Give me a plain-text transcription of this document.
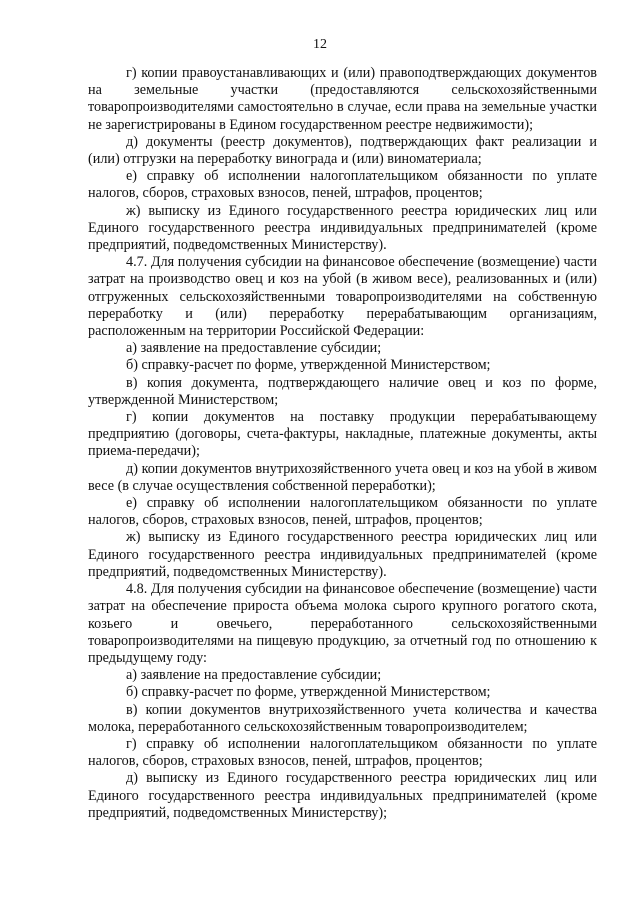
12

г) копии правоустанавливающих и (или) правоподтверждающих документов на земельные участки (предоставляются сельскохозяйственными товаропроизводителями самостоятельно в случае, если права на земельные участки не зарегистрированы в Едином государственном реестре недвижимости);

д) документы (реестр документов), подтверждающих факт реализации и (или) отгрузки на переработку винограда и (или) виноматериала;

е) справку об исполнении налогоплательщиком обязанности по уплате налогов, сборов, страховых взносов, пеней, штрафов, процентов;

ж) выписку из Единого государственного реестра юридических лиц или Единого государственного реестра индивидуальных предпринимателей (кроме предприятий, подведомственных Министерству).

4.7. Для получения субсидии на финансовое обеспечение (возмещение) части затрат на производство овец и коз на убой (в живом весе), реализованных и (или) отгруженных сельскохозяйственными товаропроизводителями на собственную переработку и (или) переработку перерабатывающим организациям, расположенным на территории Российской Федерации:

а) заявление на предоставление субсидии;

б) справку-расчет по форме, утвержденной Министерством;

в) копия документа, подтверждающего наличие овец и коз по форме, утвержденной Министерством;

г) копии документов на поставку продукции перерабатывающему предприятию (договоры, счета-фактуры, накладные, платежные документы, акты приема-передачи);

д) копии документов внутрихозяйственного учета овец и коз на убой в живом весе (в случае осуществления собственной переработки);

е) справку об исполнении налогоплательщиком обязанности по уплате налогов, сборов, страховых взносов, пеней, штрафов, процентов;

ж) выписку из Единого государственного реестра юридических лиц или Единого государственного реестра индивидуальных предпринимателей (кроме предприятий, подведомственных Министерству).

4.8. Для получения субсидии на финансовое обеспечение (возмещение) части затрат на обеспечение прироста объема молока сырого крупного рогатого скота, козьего и овечьего, переработанного сельскохозяйственными товаропроизводителями на пищевую продукцию, за отчетный год по отношению к предыдущему году:

а) заявление на предоставление субсидии;

б) справку-расчет по форме, утвержденной Министерством;

в) копии документов внутрихозяйственного учета количества и качества молока, переработанного сельскохозяйственным товаропроизводителем;

г) справку об исполнении налогоплательщиком обязанности по уплате налогов, сборов, страховых взносов, пеней, штрафов, процентов;

д) выписку из Единого государственного реестра юридических лиц или Единого государственного реестра индивидуальных предпринимателей (кроме предприятий, подведомственных Министерству);
